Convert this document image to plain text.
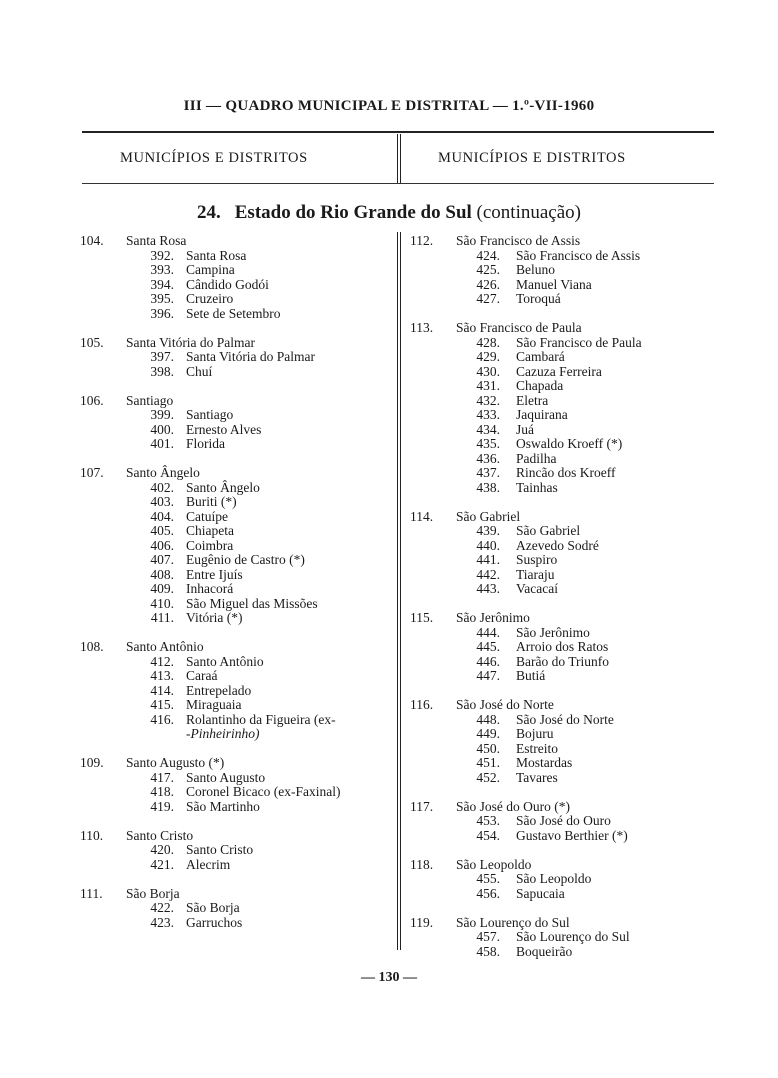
III — QUADRO MUNICIPAL E DISTRITAL — 1.º-VII-1960
MUNICÍPIOS E DISTRITOS	MUNICÍPIOS E DISTRITOS
24. Estado do Rio Grande do Sul (continuação)
104. Santa Rosa
392. Santa Rosa
393. Campina
394. Cândido Godói
395. Cruzeiro
396. Sete de Setembro
105. Santa Vitória do Palmar
397. Santa Vitória do Palmar
398. Chuí
106. Santiago
399. Santiago
400. Ernesto Alves
401. Florida
107. Santo Ângelo
402. Santo Ângelo
403. Buriti (*)
404. Catuípe
405. Chiapeta
406. Coimbra
407. Eugênio de Castro (*)
408. Entre Ijuís
409. Inhacorá
410. São Miguel das Missões
411. Vitória (*)
108. Santo Antônio
412. Santo Antônio
413. Caraá
414. Entrepelado
415. Miraguaia
416. Rolantinho da Figueira (ex-
-Pinheirinho)
109. Santo Augusto (*)
417. Santo Augusto
418. Coronel Bicaco (ex-Faxinal)
419. São Martinho
110. Santo Cristo
420. Santo Cristo
421. Alecrim
111. São Borja
422. São Borja
423. Garruchos
112. São Francisco de Assis
424. São Francisco de Assis
425. Beluno
426. Manuel Viana
427. Toroquá
113. São Francisco de Paula
428. São Francisco de Paula
429. Cambará
430. Cazuza Ferreira
431. Chapada
432. Eletra
433. Jaquirana
434. Juá
435. Oswaldo Kroeff (*)
436. Padilha
437. Rincão dos Kroeff
438. Tainhas
114. São Gabriel
439. São Gabriel
440. Azevedo Sodré
441. Suspiro
442. Tiaraju
443. Vacacaí
115. São Jerônimo
444. São Jerônimo
445. Arroio dos Ratos
446. Barão do Triunfo
447. Butiá
116. São José do Norte
448. São José do Norte
449. Bojuru
450. Estreito
451. Mostardas
452. Tavares
117. São José do Ouro (*)
453. São José do Ouro
454. Gustavo Berthier (*)
118. São Leopoldo
455. São Leopoldo
456. Sapucaia
119. São Lourenço do Sul
457. São Lourenço do Sul
458. Boqueirão
— 130 —
